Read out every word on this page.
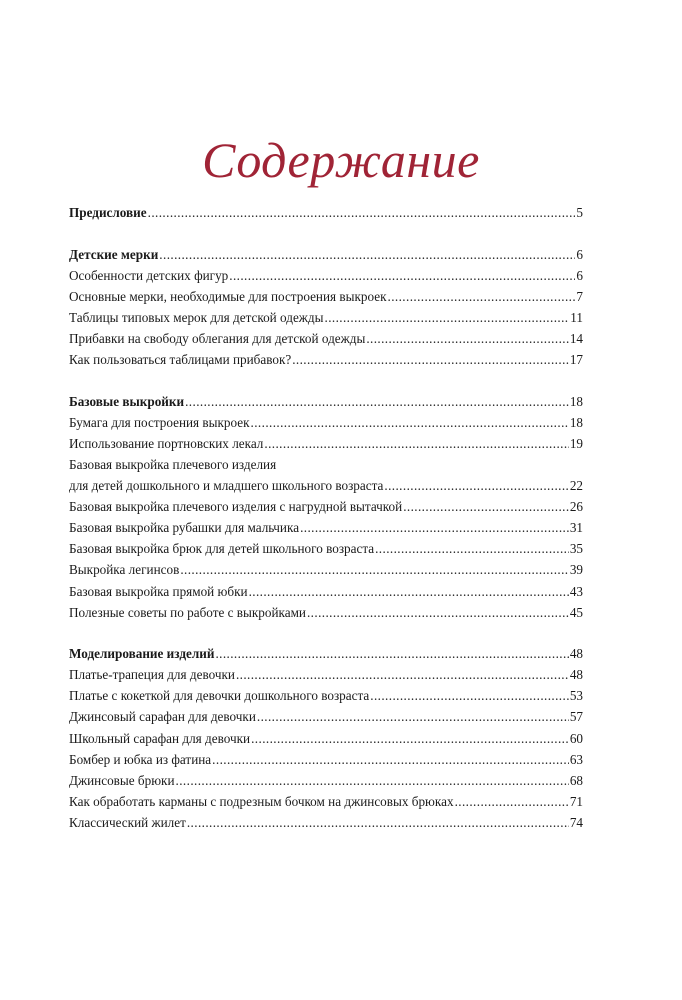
Содержание
Предисловие .....	5
Детские мерки .....	6
Особенности детских фигур .....	6
Основные мерки, необходимые для построения выкроек .....	7
Таблицы типовых мерок для детской одежды .....	11
Прибавки на свободу облегания для детской одежды .....	14
Как пользоваться таблицами прибавок? .....	17
Базовые выкройки .....	18
Бумага для построения выкроек .....	18
Использование портновских лекал .....	19
Базовая выкройка плечевого изделия
для детей дошкольного и младшего школьного возраста .....	22
Базовая выкройка плечевого изделия с нагрудной вытачкой .....	26
Базовая выкройка рубашки для мальчика .....	31
Базовая выкройка брюк для детей школьного возраста .....	35
Выкройка легинсов .....	39
Базовая выкройка прямой юбки .....	43
Полезные советы по работе с выкройками .....	45
Моделирование изделий .....	48
Платье-трапеция для девочки .....	48
Платье с кокеткой для девочки дошкольного возраста .....	53
Джинсовый сарафан для девочки .....	57
Школьный сарафан для девочки .....	60
Бомбер и юбка из фатина .....	63
Джинсовые брюки .....	68
Как обработать карманы с подрезным бочком на джинсовых брюках .....	71
Классический жилет .....	74
